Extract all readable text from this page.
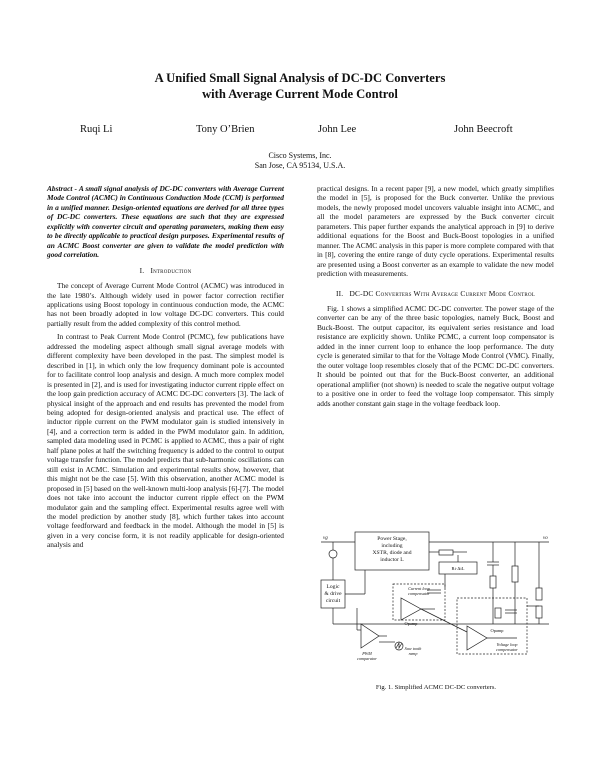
A Unified Small Signal Analysis of DC-DC Converters
with Average Current Mode Control
Ruqi Li	Tony O’Brien	John Lee	John Beecroft
Cisco Systems, Inc.
San Jose, CA 95134, U.S.A.

Abstract - A small signal analysis of DC-DC converters with Average Current Mode Control (ACMC) in Continuous Conduction Mode (CCM) is performed in a unified manner. Design-oriented equations are derived for all three types of DC-DC converters. These equations are such that they are expressed explicitly with converter circuit and operating parameters, making them easy to be directly applicable to practical design purposes. Experimental results of an ACMC Boost converter are given to validate the model prediction with good correlation.

I. Introduction

The concept of Average Current Mode Control (ACMC) was introduced in the late 1980’s. Although widely used in power factor correction rectifier applications using Boost topology in continuous conduction mode, the ACMC has not been broadly adopted in low voltage DC-DC converters. This could partially result from the added complexity of this control method.

In contrast to Peak Current Mode Control (PCMC), few publications have addressed the modeling aspect although small signal average models with different complexity have been developed in the past. The simplest model is described in [1], in which only the low frequency dominant pole is accounted for to facilitate control loop analysis and design. A much more complex model is presented in [2], and is used for investigating inductor current ripple effect on the loop gain prediction accuracy of ACMC DC-DC converters [3]. The lack of physical insight of the approach and end results has prevented the model from being adopted for design-oriented analysis and practical use. The effect of inductor ripple current on the PWM modulator gain is studied intensively in [4], and a correction term is added in the PWM modulator gain. In addition, sampled data modeling used in PCMC is applied to ACMC, thus a pair of right half plane poles at half the switching frequency is added to the control to output voltage transfer function. The model predicts that sub-harmonic oscillations can still exist in ACMC. Simulation and experimental results show, however, that this might not be the case [5]. With this observation, another ACMC model is proposed in [5] based on the well-known multi-loop analysis [6]-[7]. The model does not take into account the inductor current ripple effect on the PWM modulator gain and the sampling effect. Experimental results agree well with the model prediction by another study [8], which further takes into account voltage feedforward and feedback in the model. Although the model in [5] is given in a very concise form, it is not readily applicable for design-oriented analysis and

practical designs. In a recent paper [9], a new model, which greatly simplifies the model in [5], is proposed for the Buck converter. Unlike the previous models, the newly proposed model uncovers valuable insight into ACMC, and all the model parameters are expressed by the Buck converter circuit parameters. This paper further expands the analytical approach in [9] to derive additional equations for the Boost and Buck-Boost topologies in a unified manner. The ACMC analysis in this paper is more complete compared with that in [8], covering the entire range of duty cycle operations. Experimental results are presented using a Boost converter as an example to validate the new model prediction with measurements.

II. DC-DC Converters With Average Current Mode Control

Fig. 1 shows a simplified ACMC DC-DC converter. The power stage of the converter can be any of the three basic topologies, namely Buck, Boost and Buck-Boost. The output capacitor, its equivalent series resistance and load resistance are explicitly shown. Unlike PCMC, a current loop compensator is added in the inner current loop to enhance the loop performance. The duty cycle is generated similar to that for the Voltage Mode Control (VMC). Finally, the outer voltage loop resembles closely that of the PCMC DC-DC converters. It should be pointed out that for the Buck-Boost converter, an additional operational amplifier (not shown) is needed to scale the negative output voltage to a positive one in order to feed the voltage loop compensator. This simply adds another constant gain stage in the voltage feedback loop.

Power Stage,
including
XSTR, diode and
inductor L
Logic
& drive
circuit
Ri·ΔiL
Current loop
compensator
Opamp
Opamp
PWM
comparator
Saw tooth
ramp
Voltage loop
compensator
vg	vo
Fig. 1. Simplified ACMC DC-DC converters.
